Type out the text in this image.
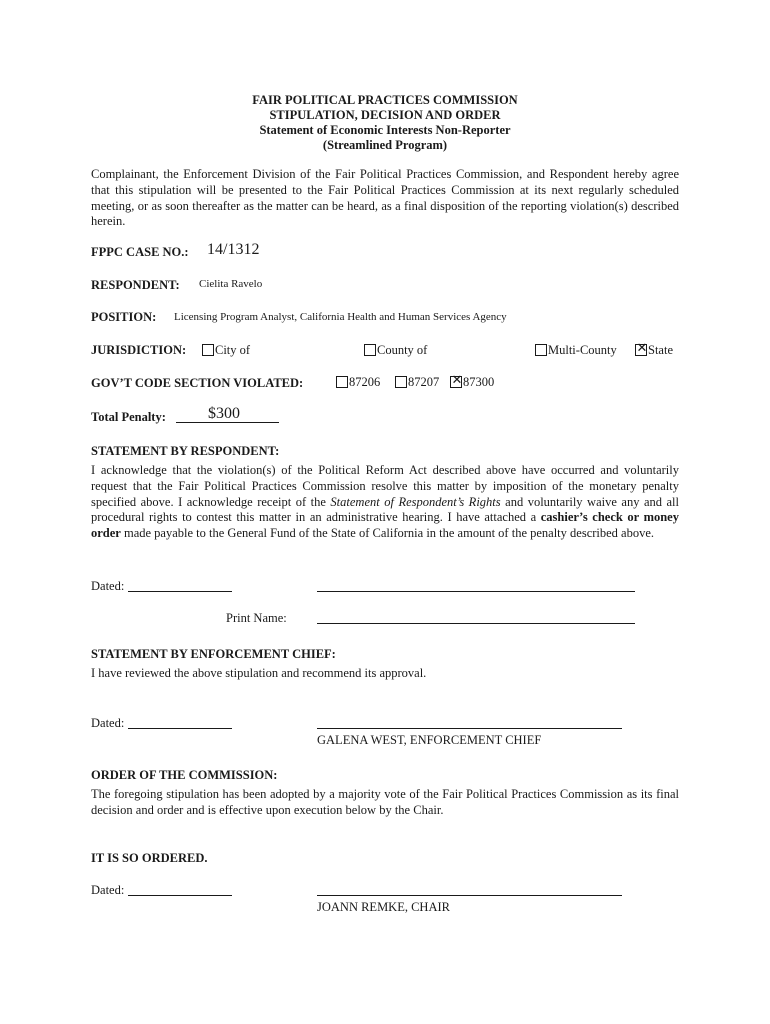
FAIR POLITICAL PRACTICES COMMISSION
STIPULATION, DECISION AND ORDER
Statement of Economic Interests Non-Reporter
(Streamlined Program)
Complainant, the Enforcement Division of the Fair Political Practices Commission, and Respondent hereby agree that this stipulation will be presented to the Fair Political Practices Commission at its next regularly scheduled meeting, or as soon thereafter as the matter can be heard, as a final disposition of the reporting violation(s) described herein.
FPPC CASE NO.: 14/1312
RESPONDENT: Cielita Ravelo
POSITION: Licensing Program Analyst, California Health and Human Services Agency
JURISDICTION: City of	County of	Multi-County ✕ State
GOV’T CODE SECTION VIOLATED:	87206 87207 ✕ 87300
Total Penalty:	$300
STATEMENT BY RESPONDENT:
I acknowledge that the violation(s) of the Political Reform Act described above have occurred and voluntarily request that the Fair Political Practices Commission resolve this matter by imposition of the monetary penalty specified above. I acknowledge receipt of the Statement of Respondent’s Rights and voluntarily waive any and all procedural rights to contest this matter in an administrative hearing. I have attached a cashier’s check or money order made payable to the General Fund of the State of California in the amount of the penalty described above.
Dated:
Print Name:
STATEMENT BY ENFORCEMENT CHIEF:
I have reviewed the above stipulation and recommend its approval.
Dated:
GALENA WEST, ENFORCEMENT CHIEF
ORDER OF THE COMMISSION:
The foregoing stipulation has been adopted by a majority vote of the Fair Political Practices Commission as its final decision and order and is effective upon execution below by the Chair.
IT IS SO ORDERED.
Dated:
JOANN REMKE, CHAIR
